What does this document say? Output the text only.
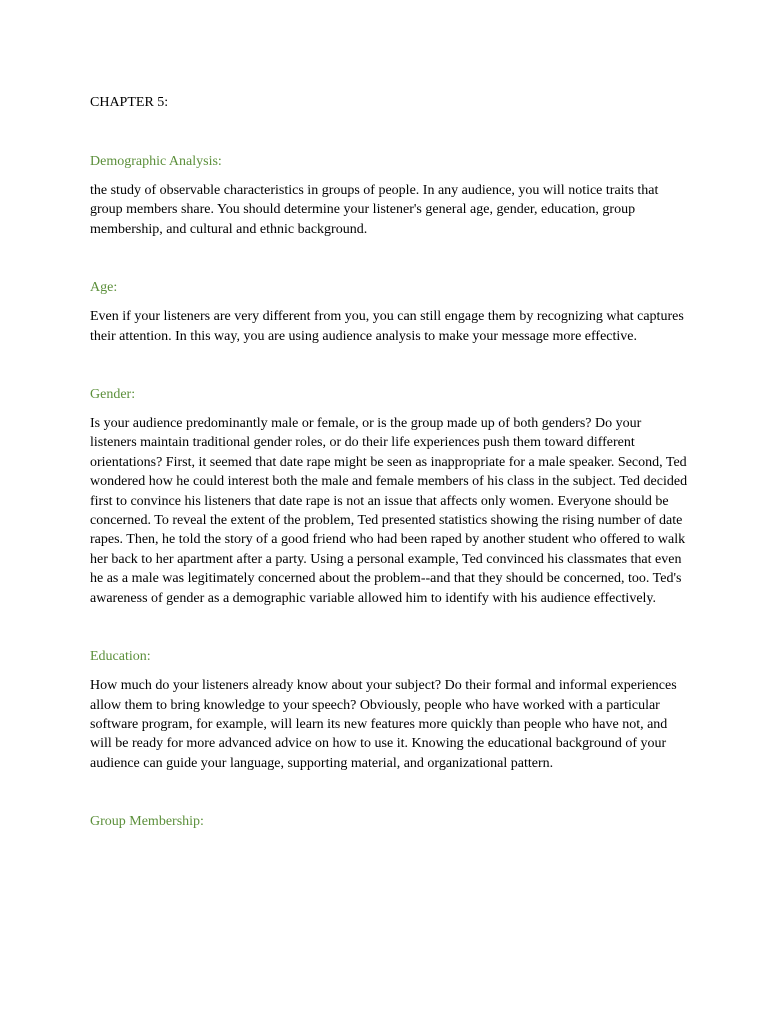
CHAPTER 5:

Demographic Analysis:

the study of observable characteristics in groups of people. In any audience, you will notice traits that group members share. You should determine your listener's general age, gender, education, group membership, and cultural and ethnic background.

Age:

Even if your listeners are very different from you, you can still engage them by recognizing what captures their attention. In this way, you are using audience analysis to make your message more effective.

Gender:

Is your audience predominantly male or female, or is the group made up of both genders? Do your listeners maintain traditional gender roles, or do their life experiences push them toward different orientations? First, it seemed that date rape might be seen as inappropriate for a male speaker. Second, Ted wondered how he could interest both the male and female members of his class in the subject. Ted decided first to convince his listeners that date rape is not an issue that affects only women. Everyone should be concerned. To reveal the extent of the problem, Ted presented statistics showing the rising number of date rapes. Then, he told the story of a good friend who had been raped by another student who offered to walk her back to her apartment after a party. Using a personal example, Ted convinced his classmates that even he as a male was legitimately concerned about the problem--and that they should be concerned, too. Ted's awareness of gender as a demographic variable allowed him to identify with his audience effectively.

Education:

How much do your listeners already know about your subject? Do their formal and informal experiences allow them to bring knowledge to your speech? Obviously, people who have worked with a particular software program, for example, will learn its new features more quickly than people who have not, and will be ready for more advanced advice on how to use it. Knowing the educational background of your audience can guide your language, supporting material, and organizational pattern.

Group Membership:
